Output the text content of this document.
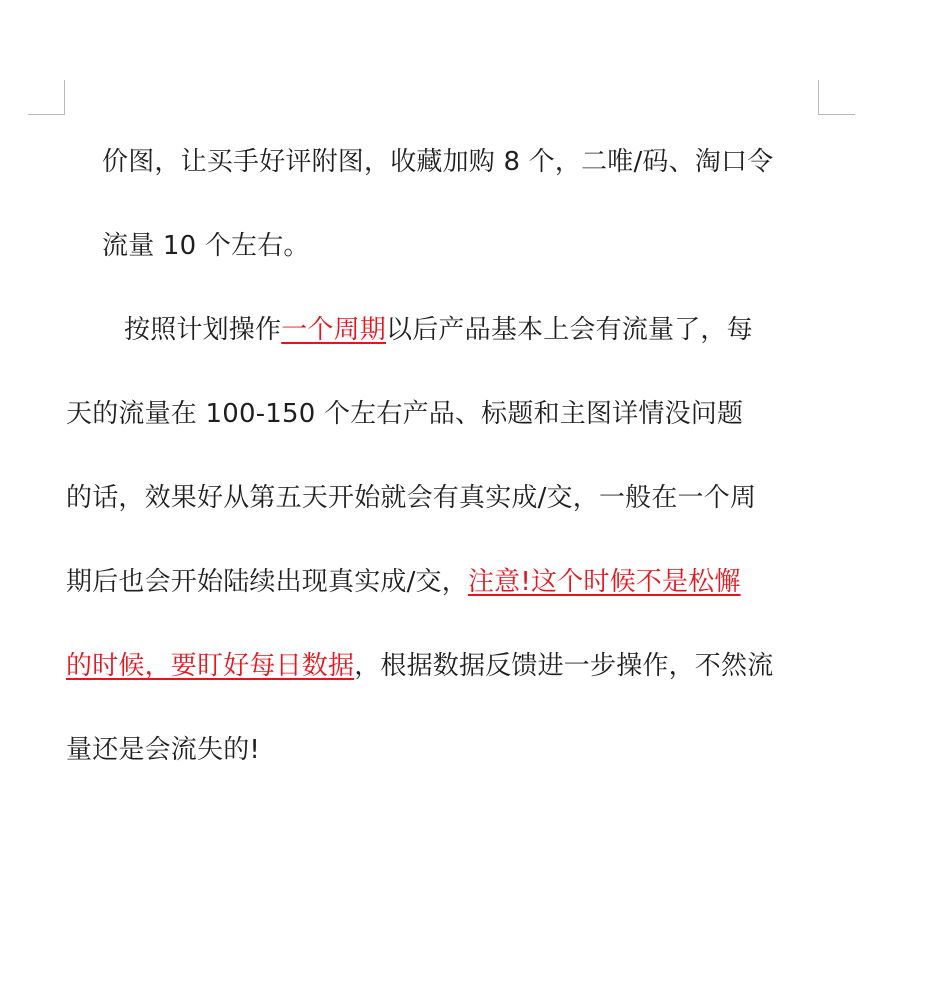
价图，让买手好评附图，收藏加购 8 个，二唯/码、淘口令
流量 10 个左右。

按照计划操作一个周期以后产品基本上会有流量了，每
天的流量在 100-150 个左右产品、标题和主图详情没问题
的话，效果好从第五天开始就会有真实成/交，一般在一个周
期后也会开始陆续出现真实成/交，注意!这个时候不是松懈
的时候，要盯好每日数据，根据数据反馈进一步操作，不然流
量还是会流失的!
